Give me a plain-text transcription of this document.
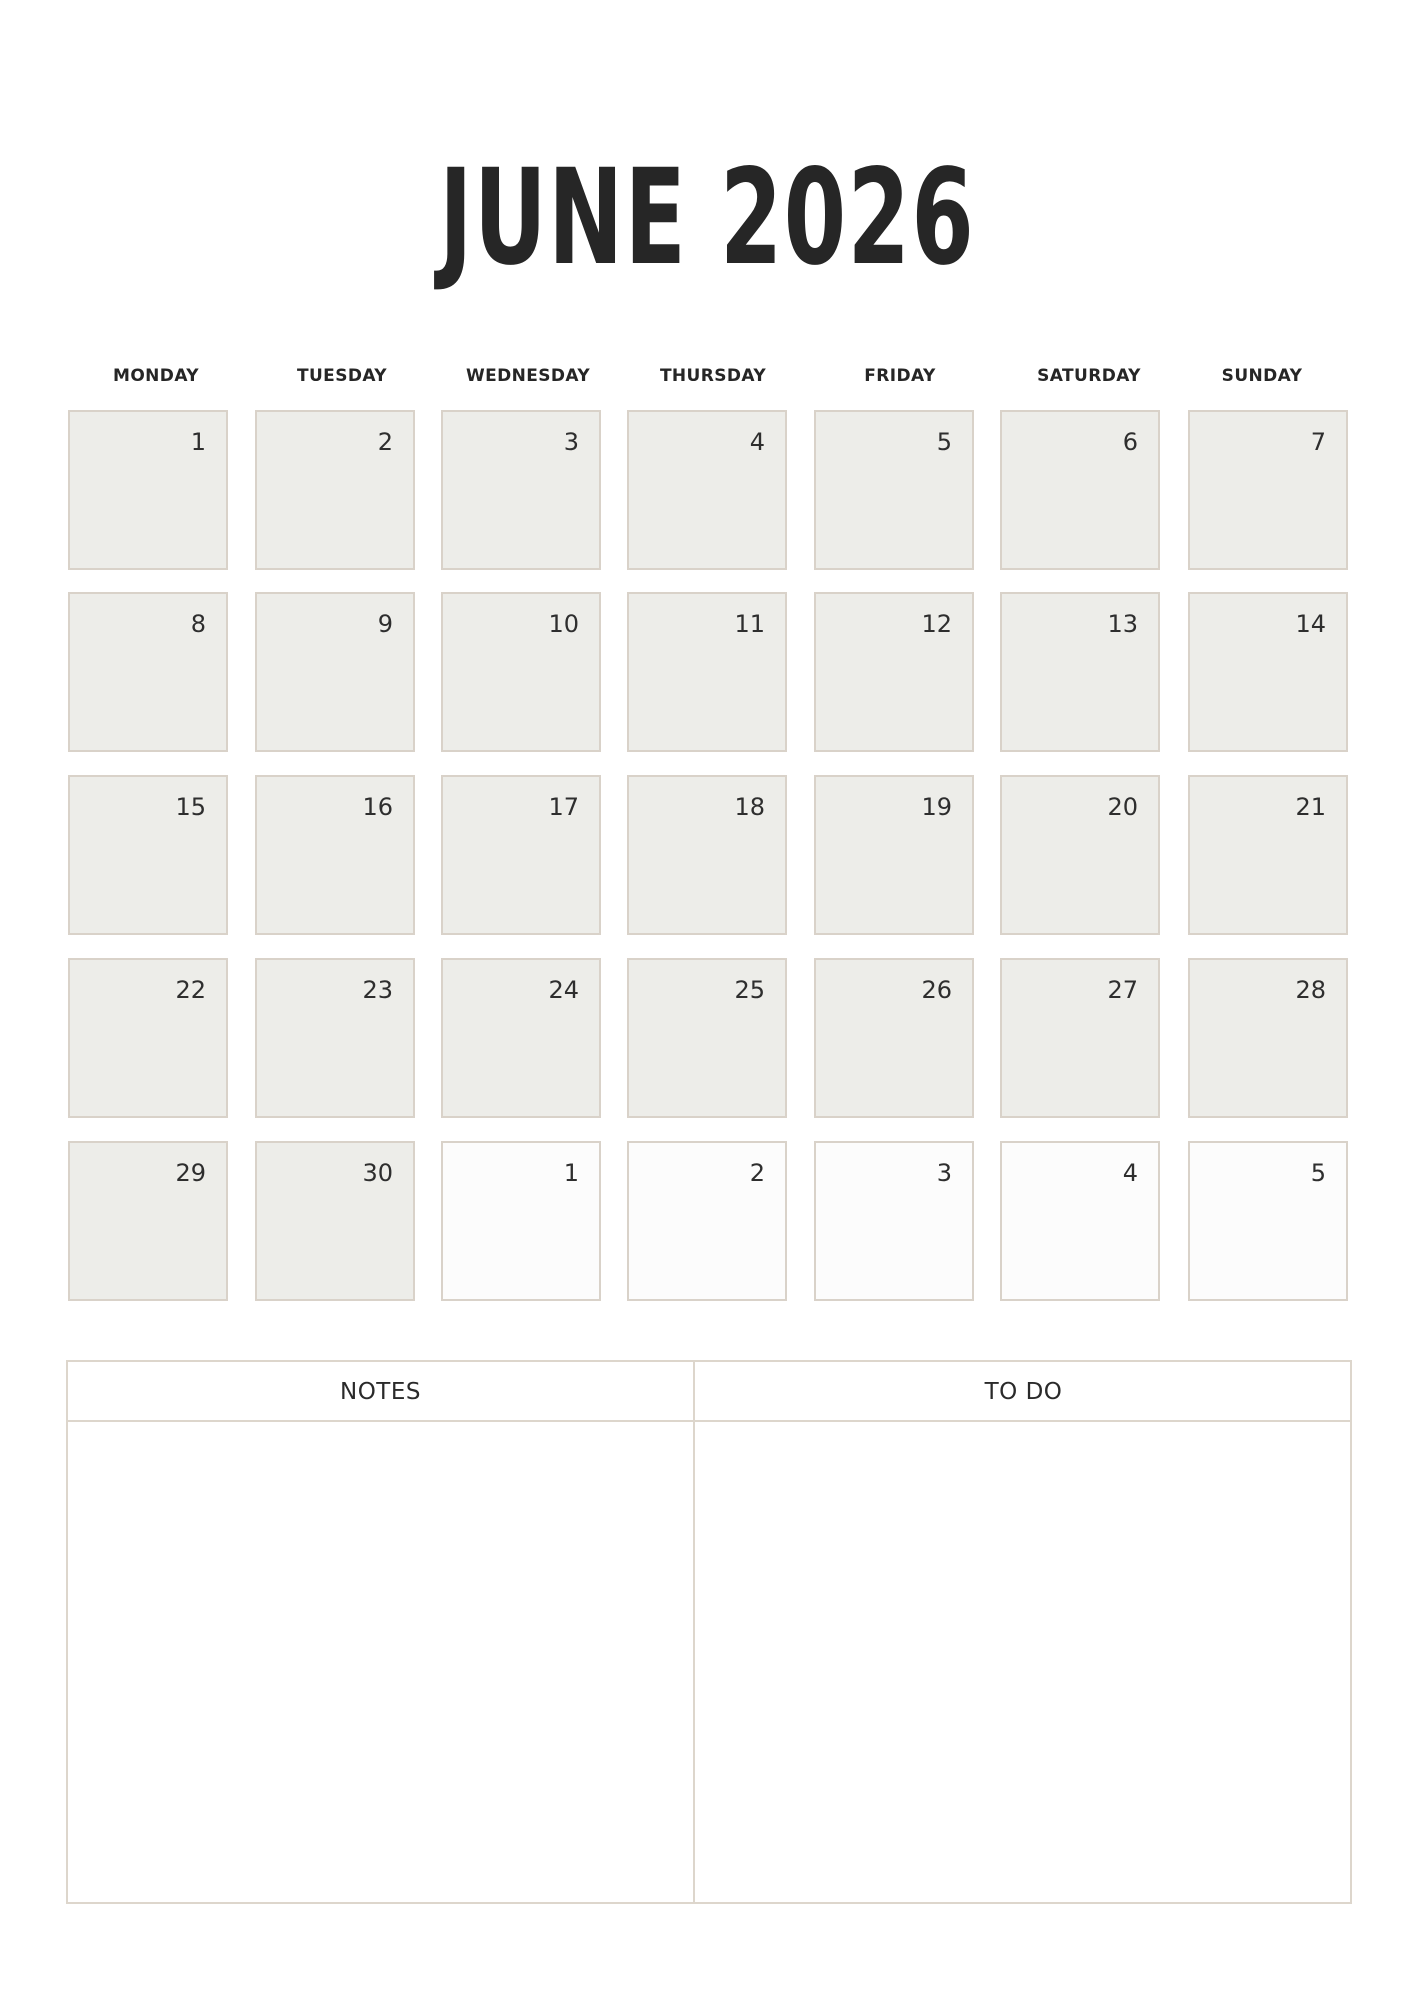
JUNE 2026
MONDAY	TUESDAY	WEDNESDAY	THURSDAY	FRIDAY	SATURDAY	SUNDAY
1	2	3	4	5	6	7
8	9	10	11	12	13	14
15	16	17	18	19	20	21
22	23	24	25	26	27	28
29	30	1	2	3	4	5
NOTES	TO DO
